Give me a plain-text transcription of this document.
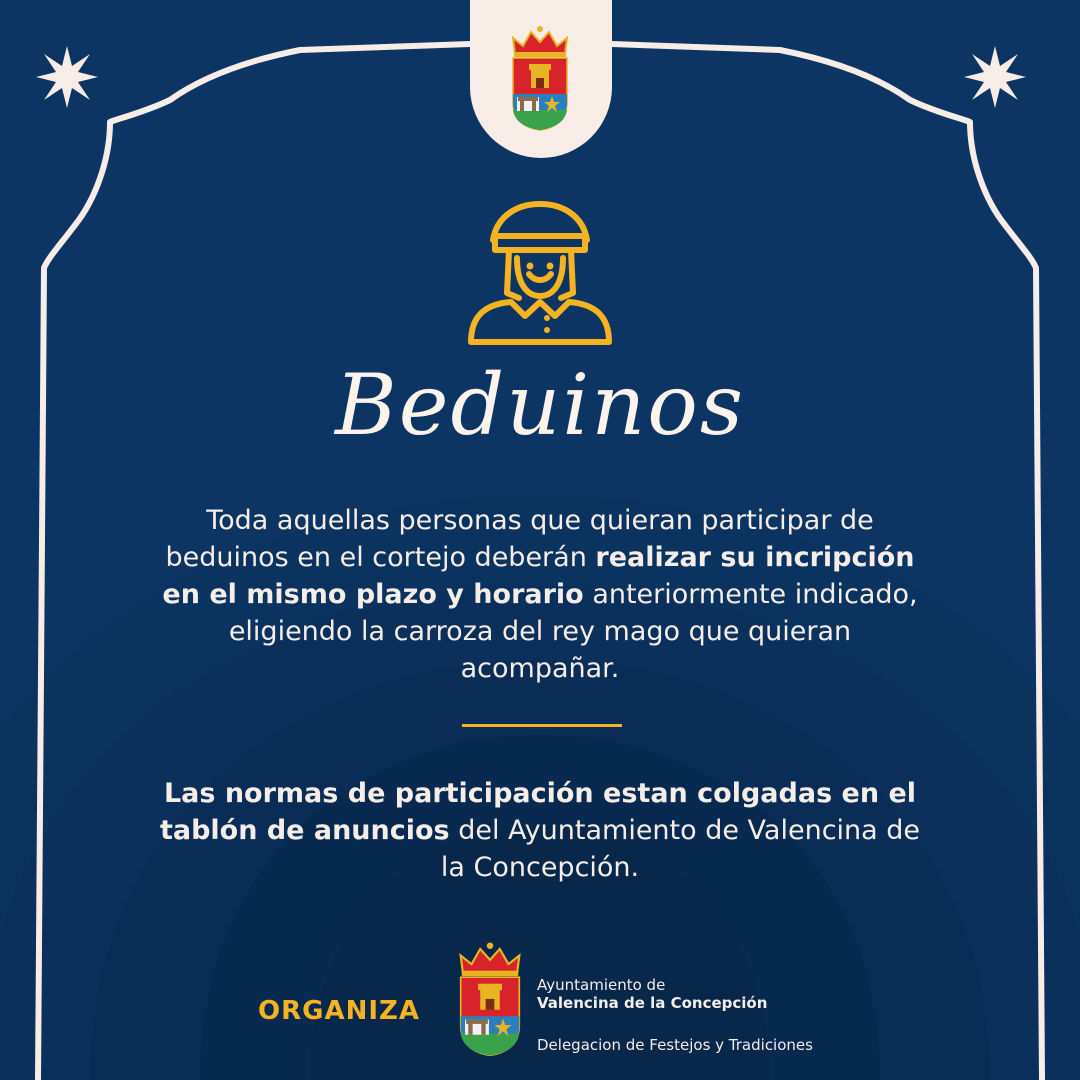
Beduinos
Toda aquellas personas que quieran participar de beduinos en el cortejo deberán realizar su incripción en el mismo plazo y horario anteriormente indicado, eligiendo la carroza del rey mago que quieran acompañar.
Las normas de participación estan colgadas en el tablón de anuncios del Ayuntamiento de Valencina de la Concepción.
ORGANIZA
Ayuntamiento de
Valencina de la Concepción
Delegacion de Festejos y Tradiciones
